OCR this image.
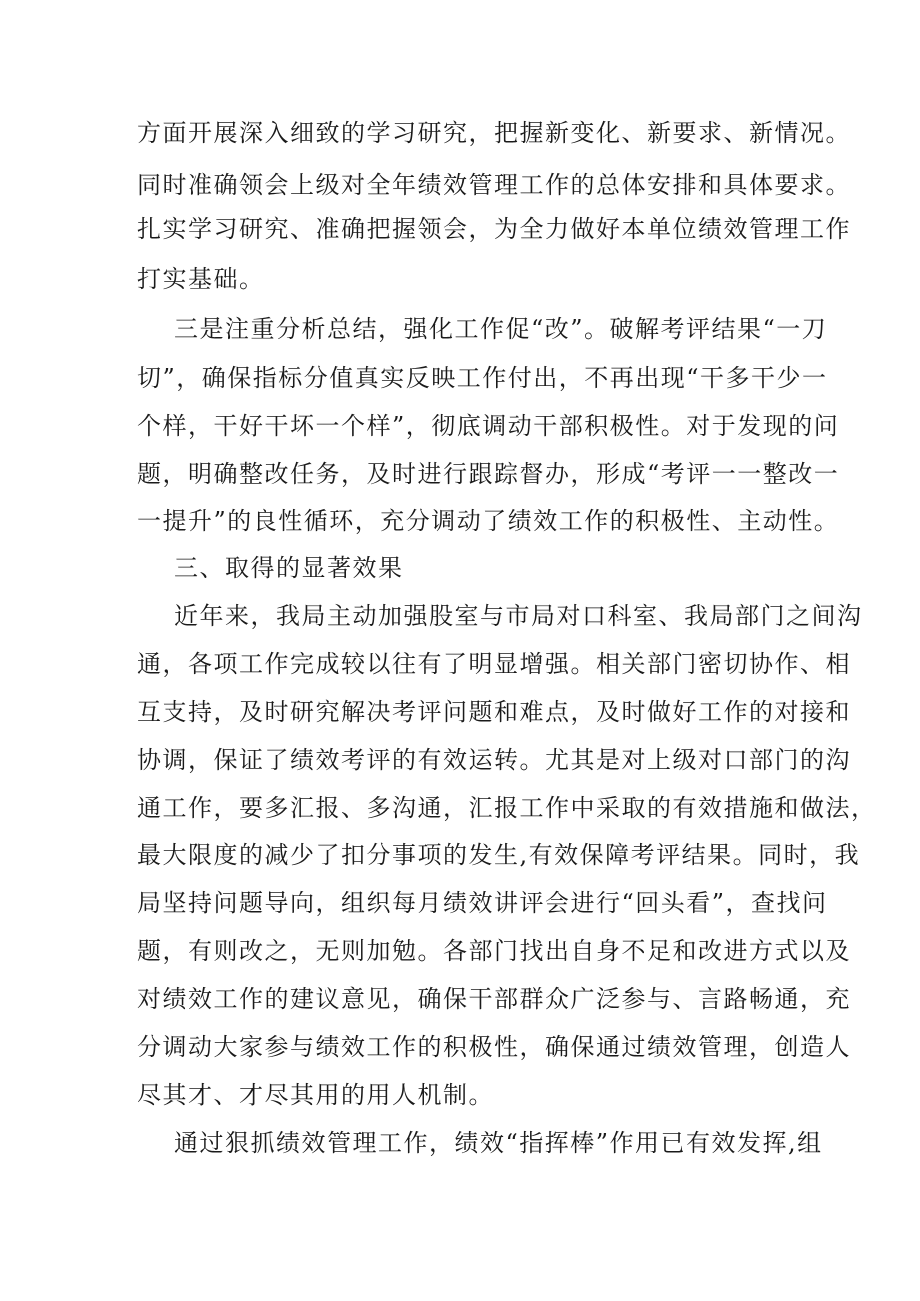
方面开展深入细致的学习研究，把握新变化、新要求、新情况。
同时准确领会上级对全年绩效管理工作的总体安排和具体要求。
扎实学习研究、准确把握领会，为全力做好本单位绩效管理工作
打实基础。
三是注重分析总结，强化工作促“改”。破解考评结果“一刀
切”，确保指标分值真实反映工作付出，不再出现“干多干少一
个样，干好干坏一个样”，彻底调动干部积极性。对于发现的问
题，明确整改任务，及时进行跟踪督办，形成“考评一一整改一
一提升”的良性循环，充分调动了绩效工作的积极性、主动性。
三、取得的显著效果
近年来，我局主动加强股室与市局对口科室、我局部门之间沟
通，各项工作完成较以往有了明显增强。相关部门密切协作、相
互支持，及时研究解决考评问题和难点，及时做好工作的对接和
协调，保证了绩效考评的有效运转。尤其是对上级对口部门的沟
通工作，要多汇报、多沟通，汇报工作中采取的有效措施和做法，
最大限度的减少了扣分事项的发生,有效保障考评结果。同时，我
局坚持问题导向，组织每月绩效讲评会进行“回头看”，查找问
题，有则改之，无则加勉。各部门找出自身不足和改进方式以及
对绩效工作的建议意见，确保干部群众广泛参与、言路畅通，充
分调动大家参与绩效工作的积极性，确保通过绩效管理，创造人
尽其才、才尽其用的用人机制。
通过狠抓绩效管理工作，绩效“指挥棒”作用已有效发挥,组
